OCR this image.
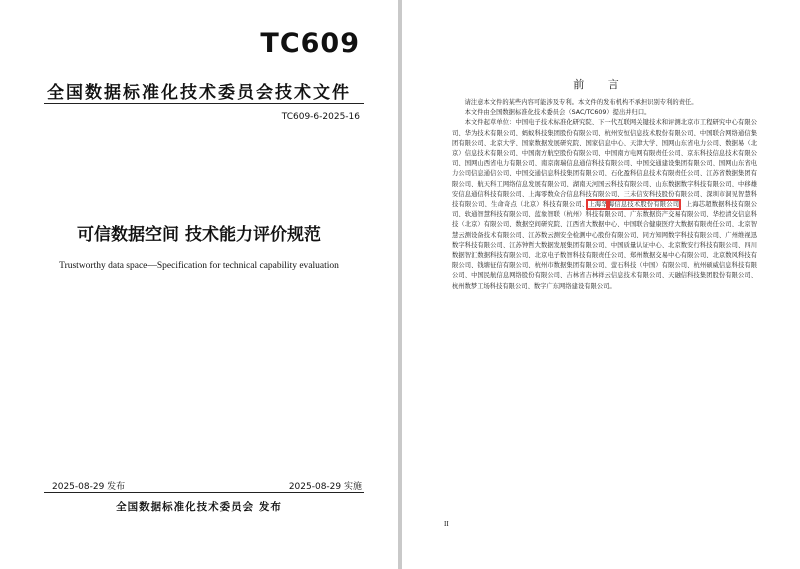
TC609
全国数据标准化技术委员会技术文件
TC609-6-2025-16
可信数据空间 技术能力评价规范
Trustworthy data space—Specification for technical capability evaluation
2025-08-29 发布	2025-08-29 实施
全国数据标准化技术委员会 发布
前 言

请注意本文件的某些内容可能涉及专利。本文件的发布机构不承担识别专利的责任。

本文件由全国数据标准化技术委员会（SAC/TC609）提出并归口。

本文件起草单位：中国电子技术标准化研究院、下一代互联网关键技术和评测北京市工程研究中心有限公司、华为技术有限公司、蚂蚁科技集团股份有限公司、杭州安恒信息技术股份有限公司、中国联合网络通信集团有限公司、北京大学、国家数据发展研究院、国家信息中心、天津大学、国网山东省电力公司、数据易（北京）信息技术有限公司、中国南方航空股份有限公司、中国南方电网有限责任公司、京东科技信息技术有限公司、国网山西省电力有限公司、南京南瑞信息通信科技有限公司、中国交通建设集团有限公司、国网山东省电力公司信息通信公司、中国交通信息科技集团有限公司、石化盈科信息技术有限责任公司、江苏省数据集团有限公司、航天科工网络信息发展有限公司、湖南天河国云科技有限公司、山东数据数字科技有限公司、中移雄安信息通信科技有限公司、上海零数众合信息科技有限公司、三未信安科技股份有限公司、深圳市洞见智慧科技有限公司、生命奇点（北京）科技有限公司、上海华海信息技术股份有限公司、上海芯超数据科技有限公司、软通智慧科技有限公司、蓝象智联（杭州）科技有限公司、广东数据资产交易有限公司、华控清交信息科技（北京）有限公司、数据空间研究院、江西省大数据中心、中国联合健康医疗大数据有限责任公司、北京智慧云测设备技术有限公司、江苏数云测安全检测中心股份有限公司、同方知网数字科技有限公司、广州维视迅数字科技有限公司、江苏钟哲大数据发展集团有限公司、中国质量认证中心、北京数安行科技有限公司、四川数据智汇数据科技有限公司、北京电子数智科技有限责任公司、郑州数据交易中心有限公司、北京数风科技有限公司、钱塘征信有限公司、杭州市数据集团有限公司、萤石科技（中国）有限公司、杭州硕威信息科技有限公司、中国民航信息网络股份有限公司、吉林省吉林祥云信息技术有限公司、天融信科技集团股份有限公司、杭州数梦工场科技有限公司、数字广东网络建设有限公司。

II
